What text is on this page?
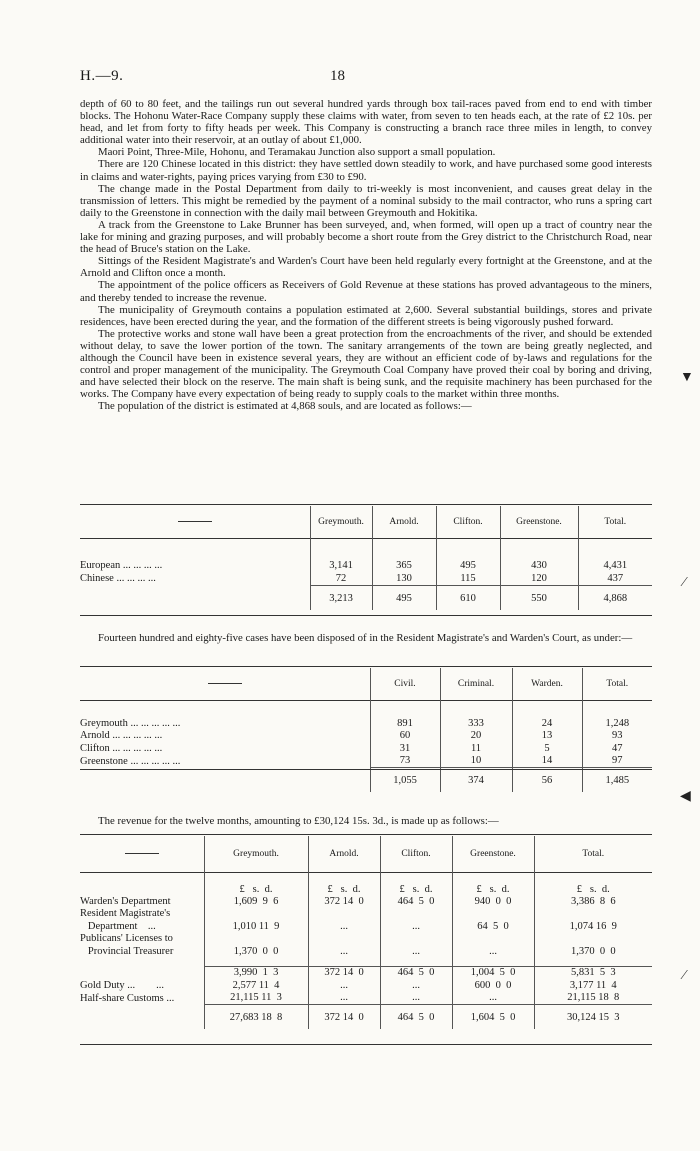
H.—9.	18

depth of 60 to 80 feet, and the tailings run out several hundred yards through box tail-races paved from end to end with timber blocks. The Hohonu Water-Race Company supply these claims with water, from seven to ten heads each, at the rate of £2 10s. per head, and let from forty to fifty heads per week. This Company is constructing a branch race three miles in length, to convey additional water into their reservoir, at an outlay of about £1,000.

Maori Point, Three-Mile, Hohonu, and Teramakau Junction also support a small population.

There are 120 Chinese located in this district: they have settled down steadily to work, and have purchased some good interests in claims and water-rights, paying prices varying from £30 to £90.

The change made in the Postal Department from daily to tri-weekly is most inconvenient, and causes great delay in the transmission of letters. This might be remedied by the payment of a nominal subsidy to the mail contractor, who runs a spring cart daily to the Greenstone in connection with the daily mail between Greymouth and Hokitika.

A track from the Greenstone to Lake Brunner has been surveyed, and, when formed, will open up a tract of country near the lake for mining and grazing purposes, and will probably become a short route from the Grey district to the Christchurch Road, near the head of Bruce's station on the Lake.

Sittings of the Resident Magistrate's and Warden's Court have been held regularly every fortnight at the Greenstone, and at the Arnold and Clifton once a month.

The appointment of the police officers as Receivers of Gold Revenue at these stations has proved advantageous to the miners, and thereby tended to increase the revenue.

The municipality of Greymouth contains a population estimated at 2,600. Several substantial buildings, stores and private residences, have been erected during the year, and the formation of the different streets is being vigorously pushed forward.

The protective works and stone wall have been a great protection from the encroachments of the river, and should be extended without delay, to save the lower portion of the town. The sanitary arrangements of the town are being greatly neglected, and although the Council have been in existence several years, they are without an efficient code of by-laws and regulations for the control and proper management of the municipality. The Greymouth Coal Company have proved their coal by boring and driving, and have selected their block on the reserve. The main shaft is being sunk, and the requisite machinery has been purchased for the works. The Company have every expectation of being ready to supply coals to the market within three months.

The population of the district is estimated at 4,868 souls, and are located as follows:—

	Greymouth.	Arnold.	Clifton.	Greenstone.	Total.

European ... ... ... ...	3,141	365	495	430	4,431
Chinese ... ... ... ...	72	130	115	120	437
	3,213	495	610	550	4,868

Fourteen hundred and eighty-five cases have been disposed of in the Resident Magistrate's and Warden's Court, as under:—

	Civil.	Criminal.	Warden.	Total.

Greymouth ... ... ... ... ...	891	333	24	1,248
Arnold ... ... ... ... ...	60	20	13	93
Clifton ... ... ... ... ...	31	11	5	47
Greenstone ... ... ... ... ...	73	10	14	97
	1,055	374	56	1,485

The revenue for the twelve months, amounting to £30,124 15s. 3d., is made up as follows:—

	Greymouth.	Arnold.	Clifton.	Greenstone.	Total.
	£   s.  d.	£   s.  d.	£   s.  d.	£   s.  d.	£   s.  d.
Warden's Department	1,609  9  6	372 14  0	464  5  0	940  0  0	3,386  8  6
Resident Magistrate's					
Department    ...	1,010 11  9	...	...	64  5  0	1,074 16  9
Publicans' Licenses to					
Provincial Treasurer	1,370  0  0	...	...	...	1,370  0  0

	3,990  1  3	372 14  0	464  5  0	1,004  5  0	5,831  5  3
Gold Duty ...        ...	2,577 11  4	...	...	600  0  0	3,177 11  4
Half-share Customs ...	21,115 11  3	...	...	...	21,115 18  8
	27,683 18  8	372 14  0	464  5  0	1,604  5  0	30,124 15  3
▼
⁄
◀
⁄
